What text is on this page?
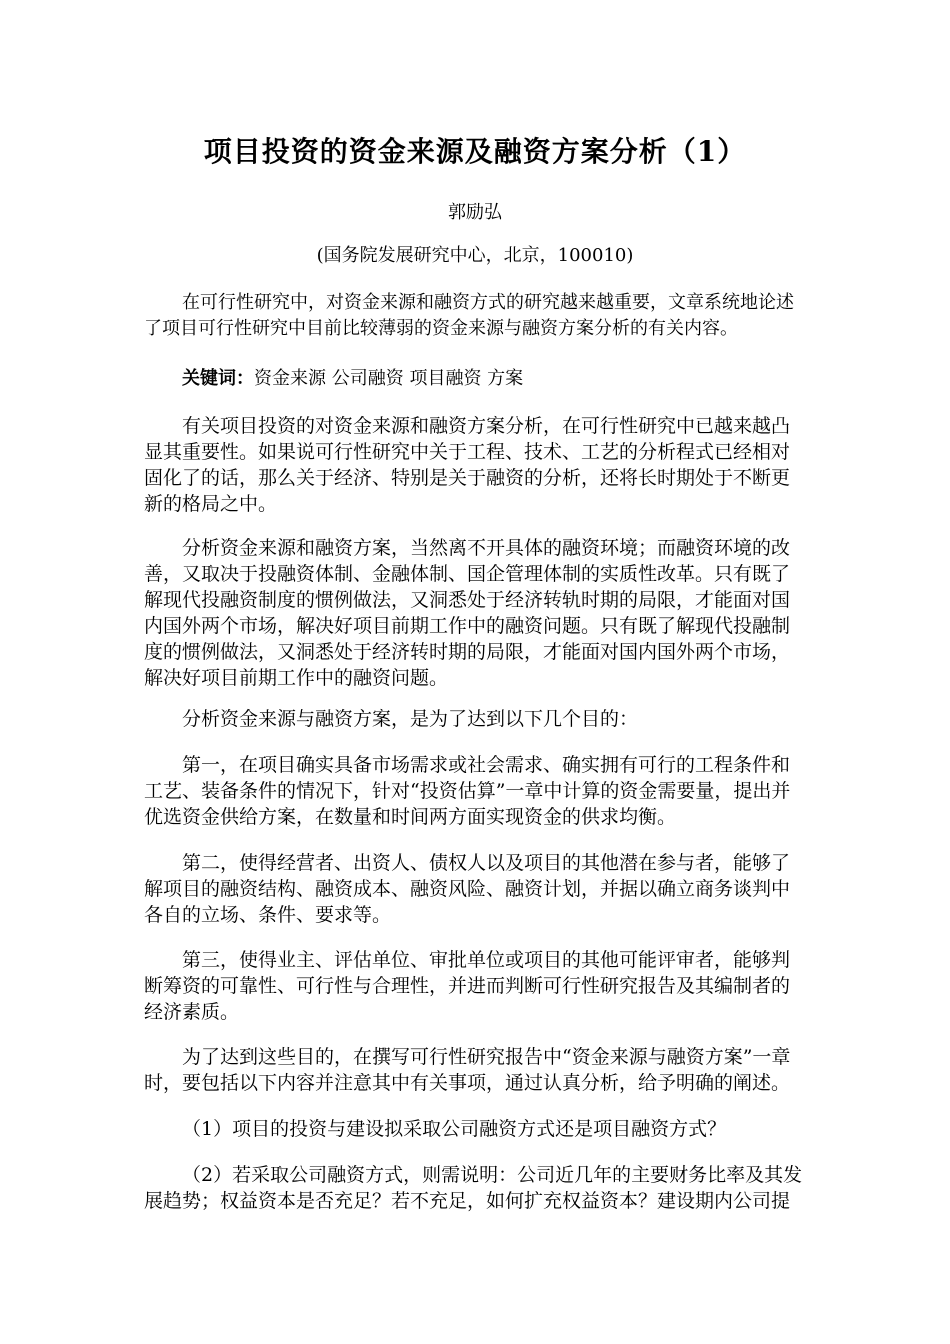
项目投资的资金来源及融资方案分析（1）
郭励弘
(国务院发展研究中心，北京，100010)
在可行性研究中，对资金来源和融资方式的研究越来越重要，文章系统地论述了项目可行性研究中目前比较薄弱的资金来源与融资方案分析的有关内容。
关键词：资金来源 公司融资 项目融资 方案
有关项目投资的对资金来源和融资方案分析，在可行性研究中已越来越凸显其重要性。如果说可行性研究中关于工程、技术、工艺的分析程式已经相对固化了的话，那么关于经济、特别是关于融资的分析，还将长时期处于不断更新的格局之中。
分析资金来源和融资方案，当然离不开具体的融资环境；而融资环境的改善，又取决于投融资体制、金融体制、国企管理体制的实质性改革。只有既了解现代投融资制度的惯例做法，又洞悉处于经济转轨时期的局限，才能面对国内国外两个市场，解决好项目前期工作中的融资问题。只有既了解现代投融制度的惯例做法，又洞悉处于经济转时期的局限，才能面对国内国外两个市场，解决好项目前期工作中的融资问题。
分析资金来源与融资方案，是为了达到以下几个目的：
第一，在项目确实具备市场需求或社会需求、确实拥有可行的工程条件和工艺、装备条件的情况下，针对“投资估算”一章中计算的资金需要量，提出并优选资金供给方案，在数量和时间两方面实现资金的供求均衡。
第二，使得经营者、出资人、债权人以及项目的其他潜在参与者，能够了解项目的融资结构、融资成本、融资风险、融资计划，并据以确立商务谈判中各自的立场、条件、要求等。
第三，使得业主、评估单位、审批单位或项目的其他可能评审者，能够判断筹资的可靠性、可行性与合理性，并进而判断可行性研究报告及其编制者的经济素质。
为了达到这些目的，在撰写可行性研究报告中“资金来源与融资方案”一章时，要包括以下内容并注意其中有关事项，通过认真分析，给予明确的阐述。
（1）项目的投资与建设拟采取公司融资方式还是项目融资方式？
（2）若采取公司融资方式，则需说明：公司近几年的主要财务比率及其发展趋势；权益资本是否充足？若不充足，如何扩充权益资本？建设期内公司提
